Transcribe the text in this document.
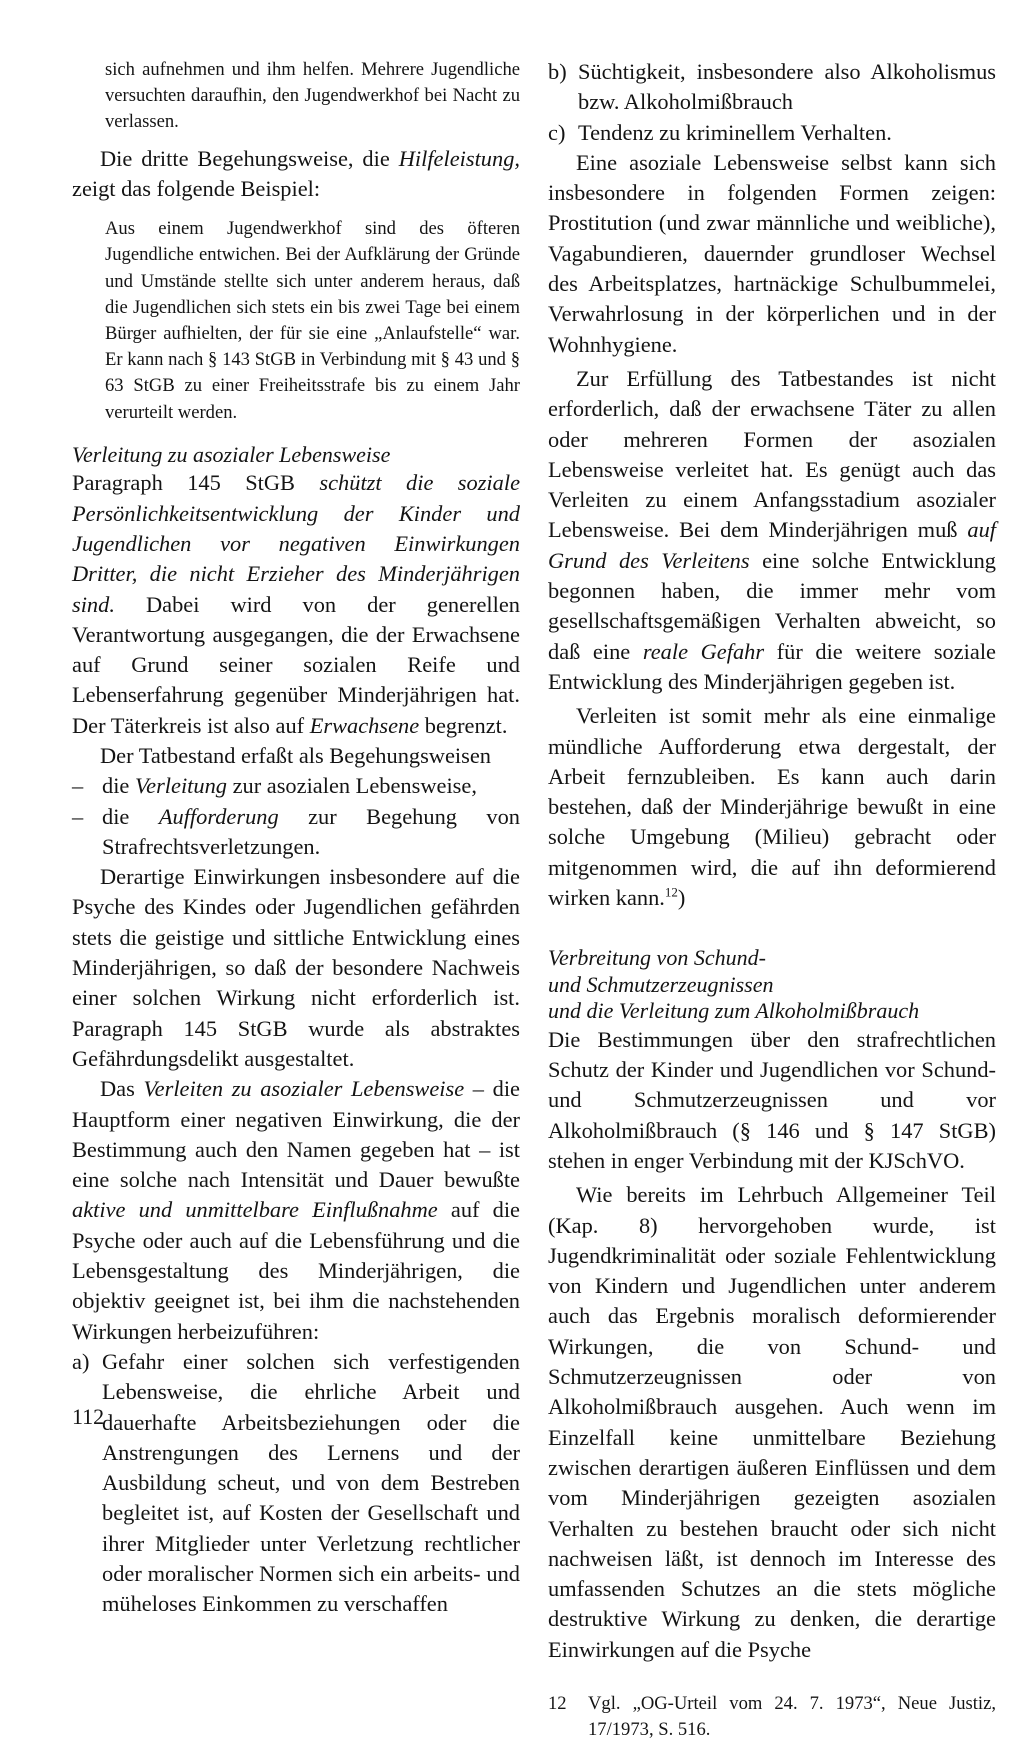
sich aufnehmen und ihm helfen. Mehrere Jugendliche versuchten daraufhin, den Jugendwerkhof bei Nacht zu verlassen.

Die dritte Begehungsweise, die Hilfeleistung, zeigt das folgende Beispiel:

Aus einem Jugendwerkhof sind des öfteren Jugendliche entwichen. Bei der Aufklärung der Gründe und Umstände stellte sich unter anderem heraus, daß die Jugendlichen sich stets ein bis zwei Tage bei einem Bürger aufhielten, der für sie eine „Anlaufstelle“ war. Er kann nach § 143 StGB in Verbindung mit § 43 und § 63 StGB zu einer Freiheitsstrafe bis zu einem Jahr verurteilt werden.

Verleitung zu asozialer Lebensweise

Paragraph 145 StGB schützt die soziale Persönlichkeitsentwicklung der Kinder und Jugendlichen vor negativen Einwirkungen Dritter, die nicht Erzieher des Minderjährigen sind. Dabei wird von der generellen Verantwortung ausgegangen, die der Erwachsene auf Grund seiner sozialen Reife und Lebenserfahrung gegenüber Minderjährigen hat. Der Täterkreis ist also auf Erwachsene begrenzt.

Der Tatbestand erfaßt als Begehungsweisen

– die Verleitung zur asozialen Lebensweise,
– die Aufforderung zur Begehung von Strafrechtsverletzungen.

Derartige Einwirkungen insbesondere auf die Psyche des Kindes oder Jugendlichen gefährden stets die geistige und sittliche Entwicklung eines Minderjährigen, so daß der besondere Nachweis einer solchen Wirkung nicht erforderlich ist. Paragraph 145 StGB wurde als abstraktes Gefährdungsdelikt ausgestaltet.

Das Verleiten zu asozialer Lebensweise – die Hauptform einer negativen Einwirkung, die der Bestimmung auch den Namen gegeben hat – ist eine solche nach Intensität und Dauer bewußte aktive und unmittelbare Einflußnahme auf die Psyche oder auch auf die Lebensführung und die Lebensgestaltung des Minderjährigen, die objektiv geeignet ist, bei ihm die nachstehenden Wirkungen herbeizuführen:

a) Gefahr einer solchen sich verfestigenden Lebensweise, die ehrliche Arbeit und dauerhafte Arbeitsbeziehungen oder die Anstrengungen des Lernens und der Ausbildung scheut, und von dem Bestreben begleitet ist, auf Kosten der Gesellschaft und ihrer Mitglieder unter Verletzung rechtlicher oder moralischer Normen sich ein arbeits- und müheloses Einkommen zu verschaffen
b) Süchtigkeit, insbesondere also Alkoholismus bzw. Alkoholmißbrauch
c) Tendenz zu kriminellem Verhalten.

Eine asoziale Lebensweise selbst kann sich insbesondere in folgenden Formen zeigen: Prostitution (und zwar männliche und weibliche), Vagabundieren, dauernder grundloser Wechsel des Arbeitsplatzes, hartnäckige Schulbummelei, Verwahrlosung in der körperlichen und in der Wohnhygiene.

Zur Erfüllung des Tatbestandes ist nicht erforderlich, daß der erwachsene Täter zu allen oder mehreren Formen der asozialen Lebensweise verleitet hat. Es genügt auch das Verleiten zu einem Anfangsstadium asozialer Lebensweise. Bei dem Minderjährigen muß auf Grund des Verleitens eine solche Entwicklung begonnen haben, die immer mehr vom gesellschaftsgemäßigen Verhalten abweicht, so daß eine reale Gefahr für die weitere soziale Entwicklung des Minderjährigen gegeben ist.

Verleiten ist somit mehr als eine einmalige mündliche Aufforderung etwa dergestalt, der Arbeit fernzubleiben. Es kann auch darin bestehen, daß der Minderjährige bewußt in eine solche Umgebung (Milieu) gebracht oder mitgenommen wird, die auf ihn deformierend wirken kann.$^{12}$)

Verbreitung von Schund-

und Schmutzerzeugnissen

und die Verleitung zum Alkoholmißbrauch

Die Bestimmungen über den strafrechtlichen Schutz der Kinder und Jugendlichen vor Schund- und Schmutzerzeugnissen und vor Alkoholmißbrauch (§ 146 und § 147 StGB) stehen in enger Verbindung mit der KJSchVO.

Wie bereits im Lehrbuch Allgemeiner Teil (Kap. 8) hervorgehoben wurde, ist Jugendkriminalität oder soziale Fehlentwicklung von Kindern und Jugendlichen unter anderem auch das Ergebnis moralisch deformierender Wirkungen, die von Schund- und Schmutzerzeugnissen oder von Alkoholmißbrauch ausgehen. Auch wenn im Einzelfall keine unmittelbare Beziehung zwischen derartigen äußeren Einflüssen und dem vom Minderjährigen gezeigten asozialen Verhalten zu bestehen braucht oder sich nicht nachweisen läßt, ist dennoch im Interesse des umfassenden Schutzes an die stets mögliche destruktive Wirkung zu denken, die derartige Einwirkungen auf die Psyche

12	Vgl. „OG-Urteil vom 24. 7. 1973“, Neue Justiz, 17/1973, S. 516.
112
